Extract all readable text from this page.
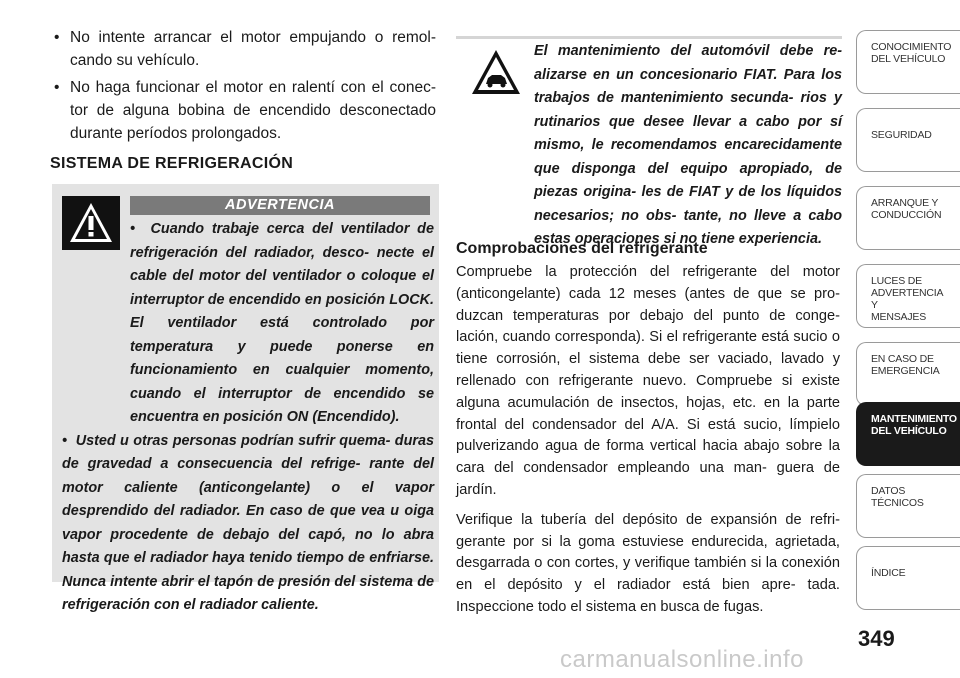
• No intente arrancar el motor empujando o remol- cando su vehículo.
• No haga funcionar el motor en ralentí con el conec- tor de alguna bobina de encendido desconectado durante períodos prolongados.
SISTEMA DE REFRIGERACIÓN
ADVERTENCIA
•  Cuando trabaje cerca del ventilador de refrigeración del radiador, desco- necte el cable del motor del ventilador o coloque el interruptor de encendido en posición LOCK. El ventilador está controlado por temperatura y puede ponerse en funcionamiento en cualquier momento, cuando el interruptor de encendido se encuentra en posición ON (Encendido).
•  Usted u otras personas podrían sufrir quema- duras de gravedad a consecuencia del refrige- rante del motor caliente (anticongelante) o el vapor desprendido del radiador. En caso de que vea u oiga vapor procedente de debajo del capó, no lo abra hasta que el radiador haya tenido tiempo de enfriarse. Nunca intente abrir el tapón de presión del sistema de refrigeración con el radiador caliente.
El mantenimiento del automóvil debe re- alizarse en un concesionario FIAT. Para los trabajos de mantenimiento secunda- rios y rutinarios que desee llevar a cabo por sí mismo, le recomendamos encarecidamente que disponga del equipo apropiado, de piezas origina- les de FIAT y de los líquidos necesarios; no obs- tante, no lleve a cabo estas operaciones si no tiene experiencia.
Comprobaciones del refrigerante

Compruebe la protección del refrigerante del motor (anticongelante) cada 12 meses (antes de que se pro- duzcan temperaturas por debajo del punto de conge- lación, cuando corresponda). Si el refrigerante está sucio o tiene corrosión, el sistema debe ser vaciado, lavado y rellenado con refrigerante nuevo. Compruebe si existe alguna acumulación de insectos, hojas, etc. en la parte frontal del condensador del A/A. Si está sucio, límpielo pulverizando agua de forma vertical hacia abajo sobre la cara del condensador empleando una man- guera de jardín.

Verifique la tubería del depósito de expansión de refri- gerante por si la goma estuviese endurecida, agrietada, desgarrada o con cortes, y verifique también si la conexión en el depósito y el radiador está bien apre- tada. Inspeccione todo el sistema en busca de fugas.

CONOCIMIENTO
DEL VEHÍCULO
SEGURIDAD
ARRANQUE Y
CONDUCCIÓN
LUCES DE
ADVERTENCIA Y
MENSAJES
EN CASO DE
EMERGENCIA
MANTENIMIENTO
DEL VEHÍCULO
DATOS
TÉCNICOS
ÍNDICE
349
carmanualsonline.info
